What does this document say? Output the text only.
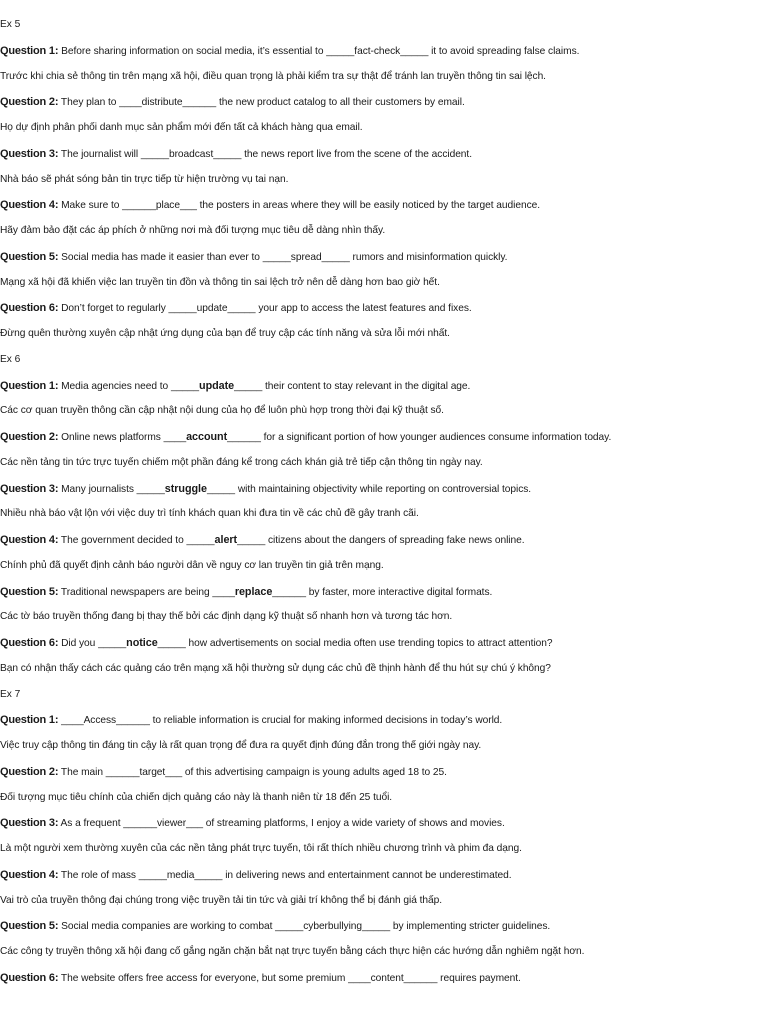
Ex 5
Question 1: Before sharing information on social media, it’s essential to _____fact-check_____ it to avoid spreading false claims.
Trước khi chia sẻ thông tin trên mạng xã hội, điều quan trọng là phải kiểm tra sự thật để tránh lan truyền thông tin sai lệch.
Question 2: They plan to ____distribute______ the new product catalog to all their customers by email.
Họ dự định phân phối danh mục sản phẩm mới đến tất cả khách hàng qua email.
Question 3: The journalist will _____broadcast_____ the news report live from the scene of the accident.
Nhà báo sẽ phát sóng bản tin trực tiếp từ hiện trường vụ tai nạn.
Question 4: Make sure to ______place___ the posters in areas where they will be easily noticed by the target audience.
Hãy đảm bảo đặt các áp phích ở những nơi mà đối tượng mục tiêu dễ dàng nhìn thấy.
Question 5: Social media has made it easier than ever to _____spread_____ rumors and misinformation quickly.
Mạng xã hội đã khiến việc lan truyền tin đồn và thông tin sai lệch trở nên dễ dàng hơn bao giờ hết.
Question 6: Don’t forget to regularly _____update_____ your app to access the latest features and fixes.
Đừng quên thường xuyên cập nhật ứng dụng của bạn để truy cập các tính năng và sửa lỗi mới nhất.
Ex 6
Question 1: Media agencies need to _____update_____ their content to stay relevant in the digital age.
Các cơ quan truyền thông cần cập nhật nội dung của họ để luôn phù hợp trong thời đại kỹ thuật số.
Question 2: Online news platforms ____account______ for a significant portion of how younger audiences consume information today.
Các nền tảng tin tức trực tuyến chiếm một phần đáng kể trong cách khán giả trẻ tiếp cận thông tin ngày nay.
Question 3: Many journalists _____struggle_____ with maintaining objectivity while reporting on controversial topics.
Nhiều nhà báo vật lộn với việc duy trì tính khách quan khi đưa tin về các chủ đề gây tranh cãi.
Question 4: The government decided to _____alert_____ citizens about the dangers of spreading fake news online.
Chính phủ đã quyết định cảnh báo người dân về nguy cơ lan truyền tin giả trên mạng.
Question 5: Traditional newspapers are being ____replace______ by faster, more interactive digital formats.
Các tờ báo truyền thống đang bị thay thế bởi các định dạng kỹ thuật số nhanh hơn và tương tác hơn.
Question 6: Did you _____notice_____ how advertisements on social media often use trending topics to attract attention?
Bạn có nhận thấy cách các quảng cáo trên mạng xã hội thường sử dụng các chủ đề thịnh hành để thu hút sự chú ý không?
Ex 7
Question 1: ____Access______ to reliable information is crucial for making informed decisions in today’s world.
Việc truy cập thông tin đáng tin cậy là rất quan trọng để đưa ra quyết định đúng đắn trong thế giới ngày nay.
Question 2: The main ______target___ of this advertising campaign is young adults aged 18 to 25.
Đối tượng mục tiêu chính của chiến dịch quảng cáo này là thanh niên từ 18 đến 25 tuổi.
Question 3: As a frequent ______viewer___ of streaming platforms, I enjoy a wide variety of shows and movies.
Là một người xem thường xuyên của các nền tảng phát trực tuyến, tôi rất thích nhiều chương trình và phim đa dạng.
Question 4: The role of mass _____media_____ in delivering news and entertainment cannot be underestimated.
Vai trò của truyền thông đại chúng trong việc truyền tải tin tức và giải trí không thể bị đánh giá thấp.
Question 5: Social media companies are working to combat _____cyberbullying_____ by implementing stricter guidelines.
Các công ty truyền thông xã hội đang cố gắng ngăn chặn bắt nạt trực tuyến bằng cách thực hiện các hướng dẫn nghiêm ngặt hơn.
Question 6: The website offers free access for everyone, but some premium ____content______ requires payment.
